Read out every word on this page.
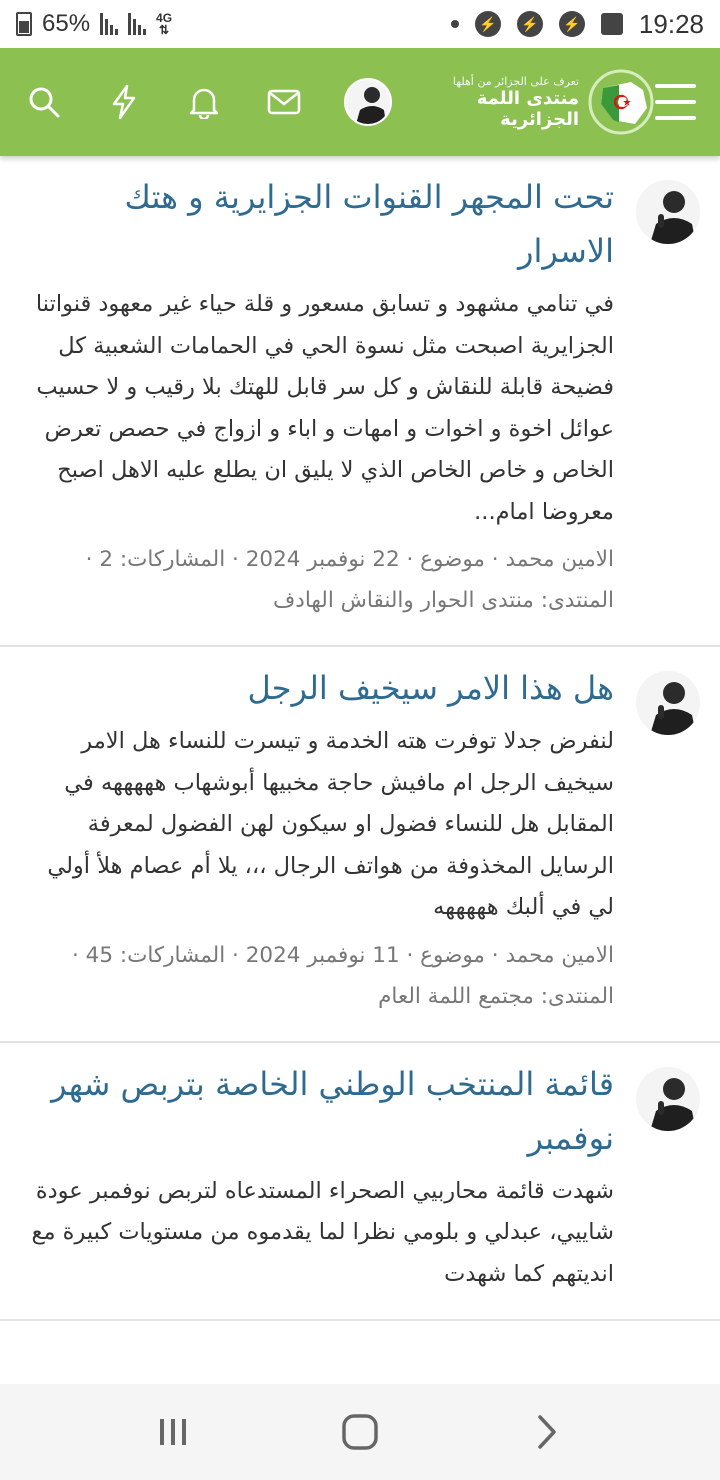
65%	4G
⇅	⚡	⚡	⚡ 19:28
تعرف على الجزائر من أهلها
منتدى اللمة الجزائرية
تحت المجهر القنوات الجزايرية و هتك الاسرار

في تنامي مشهود و تسابق مسعور و قلة حياء غير معهود قنواتنا الجزايرية اصبحت مثل نسوة الحي في الحمامات الشعبية كل فضيحة قابلة للنقاش و كل سر قابل للهتك بلا رقيب و لا حسيب عوائل اخوة و اخوات و امهات و اباء و ازواج في حصص تعرض الخاص و خاص الخاص الذي لا يليق ان يطلع عليه الاهل اصبح معروضا امام...

الامين محمد · موضوع · 22 نوفمبر 2024 · المشاركات: 2 · المنتدى: منتدى الحوار والنقاش الهادف

هل هذا الامر سيخيف الرجل

لنفرض جدلا توفرت هته الخدمة و تيسرت للنساء هل الامر سيخيف الرجل ام مافيش حاجة مخبيها أبوشهاب هههههه في المقابل هل للنساء فضول او سيكون لهن الفضول لمعرفة الرسايل المخذوفة من هواتف الرجال ،،، يلا أم عصام هلأ أولي لي في ألبك هههههه

الامين محمد · موضوع · 11 نوفمبر 2024 · المشاركات: 45 · المنتدى: مجتمع اللمة العام

قائمة المنتخب الوطني الخاصة بتربص شهر نوفمبر

شهدت قائمة محاربيي الصحراء المستدعاه لتربص نوفمبر عودة شاييي، عبدلي و بلومي نظرا لما يقدموه من مستويات كبيرة مع انديتهم كما شهدت
